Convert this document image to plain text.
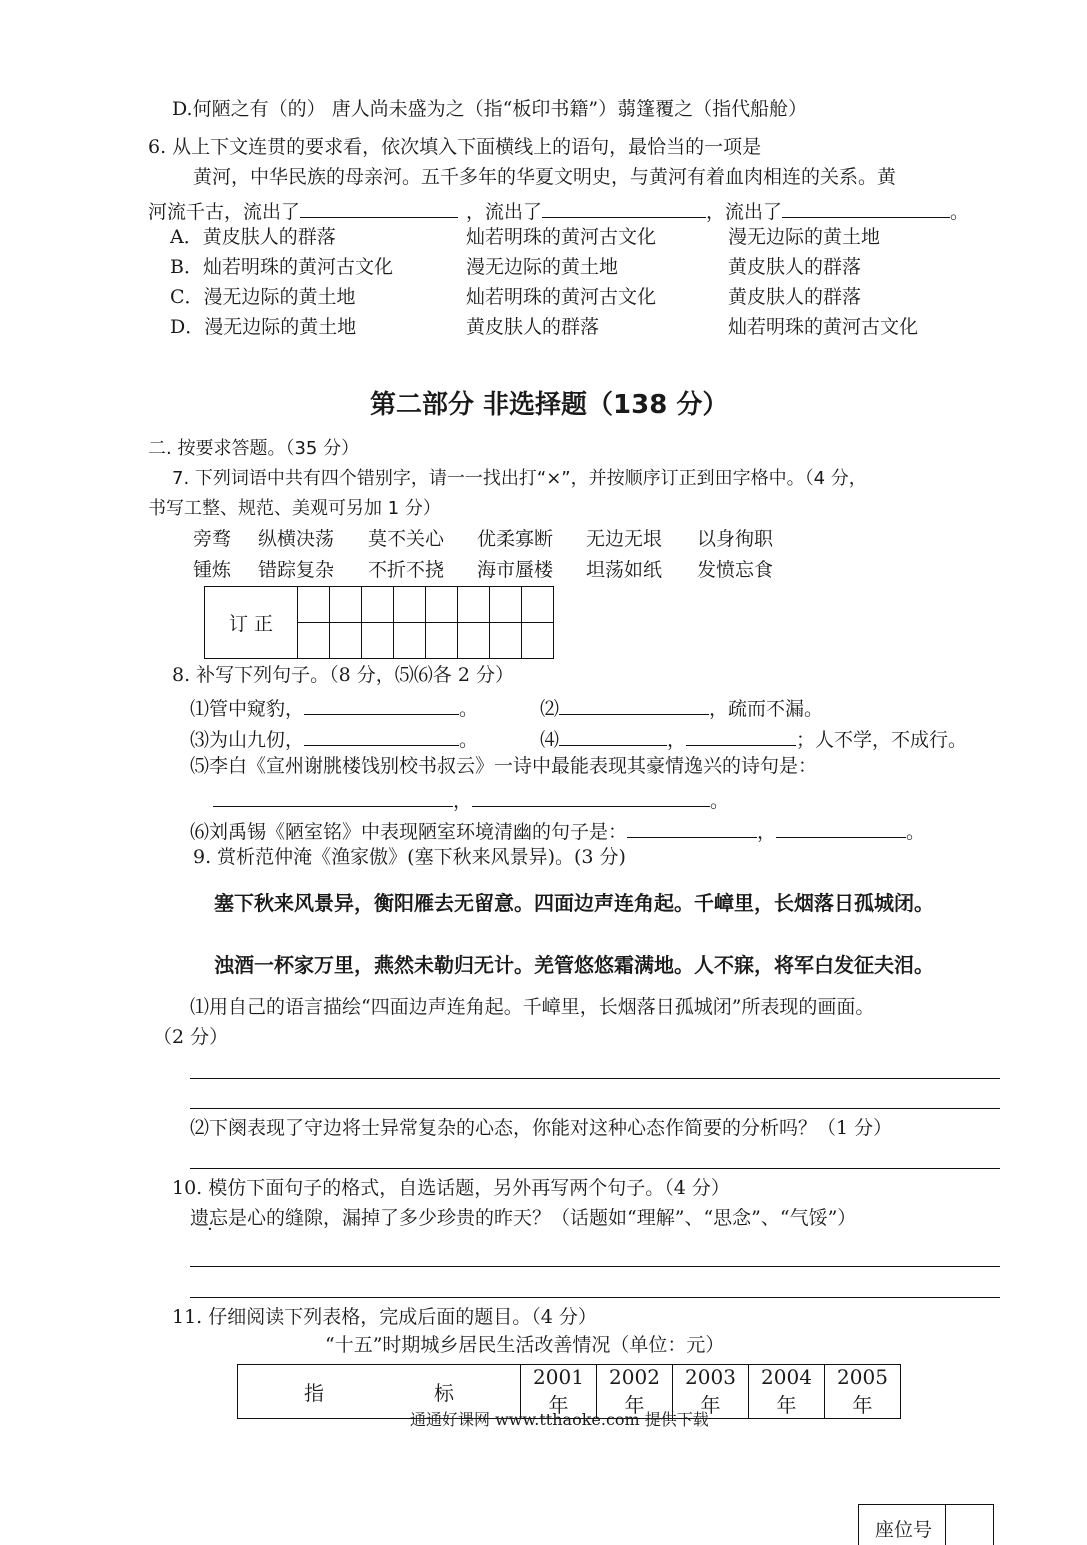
D.何陋之有（的） 唐人尚未盛为之（指“板印书籍”）蒻篷覆之（指代船舱）
6. 从上下文连贯的要求看，依次填入下面横线上的语句，最恰当的一项是
黄河，中华民族的母亲河。五千多年的华夏文明史，与黄河有着血肉相连的关系。黄
河流千古，流出了	，流出了	，流出了	。
A．黄皮肤人的群落	灿若明珠的黄河古文化	漫无边际的黄土地
B．灿若明珠的黄河古文化	漫无边际的黄土地	黄皮肤人的群落
C．漫无边际的黄土地	灿若明珠的黄河古文化	黄皮肤人的群落
D．漫无边际的黄土地	黄皮肤人的群落	灿若明珠的黄河古文化
第二部分 非选择题（138 分）
二. 按要求答题。（35 分）
7. 下列词语中共有四个错别字，请一一找出打“×”，并按顺序订正到田字格中。（4 分，
书写工整、规范、美观可另加 1 分）
旁骛 纵横决荡 莫不关心 优柔寡断 无边无垠 以身徇职
锺炼 错踪复杂 不折不挠 海市蜃楼 坦荡如纸 发愤忘食
订 正								

8. 补写下列句子。（8 分，⑸⑹各 2 分）
⑴管中窥豹，	。	⑵	，疏而不漏。
⑶为山九仞，	。	⑷	，	；人不学，不成行。
⑸李白《宣州谢朓楼饯别校书叔云》一诗中最能表现其豪情逸兴的诗句是：
，	。
⑹刘禹锡《陋室铭》中表现陋室环境清幽的句子是：	，	。
9. 赏析范仲淹《渔家傲》(塞下秋来风景异)。(3 分)
塞下秋来风景异，衡阳雁去无留意。四面边声连角起。千嶂里，长烟落日孤城闭。
浊酒一杯家万里，燕然未勒归无计。羌管悠悠霜满地。人不寐，将军白发征夫泪。
⑴用自己的语言描绘“四面边声连角起。千嶂里，长烟落日孤城闭”所表现的画面。
（2 分）
⑵下阕表现了守边将士异常复杂的心态，你能对这种心态作简要的分析吗？（1 分）
10. 模仿下面句子的格式，自选话题，另外再写两个句子。（4 分）
遗忘是心的缝隙，漏掉了多少珍贵的昨天？（话题如“理解”、“思念”、“气馁”）
11. 仔细阅读下列表格，完成后面的题目。（4 分）
“十五”时期城乡居民生活改善情况（单位：元）
指	标	2001 年	2002 年	2003 年	2004 年	2005 年
通通好课网 www.tthaoke.com 提供下载
座位号
